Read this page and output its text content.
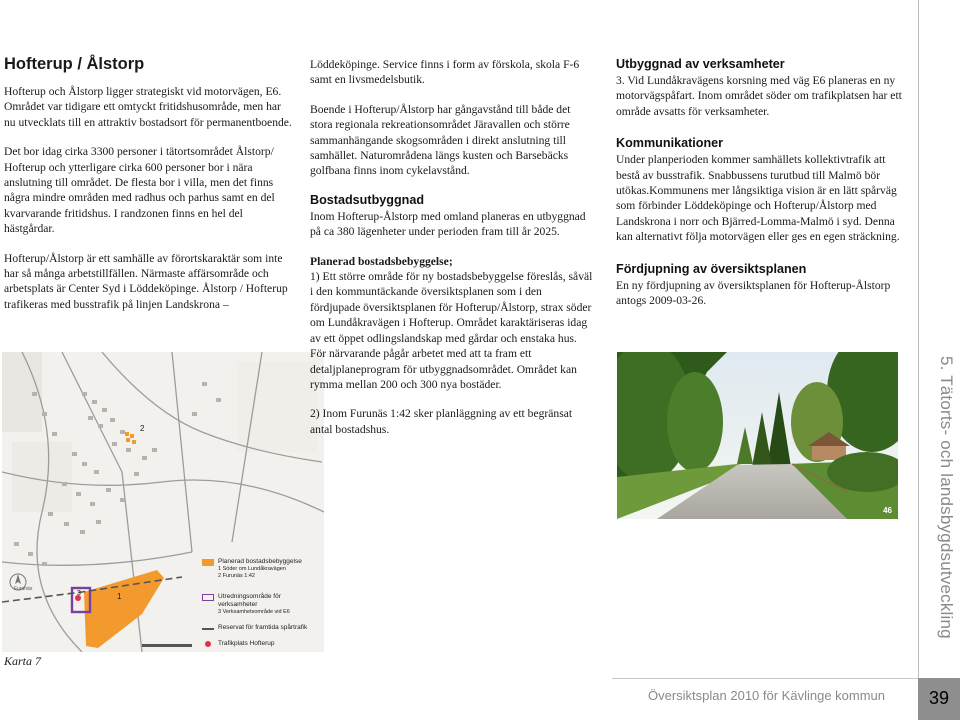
Hofterup / Ålstorp

Hofterup och Ålstorp ligger strategiskt vid motorvägen, E6. Området var tidigare ett omtyckt fritidshusområde, men har nu utvecklats till en attraktiv bostadsort för permanentboende.

Det bor idag cirka 3300 personer i tätortsområdet Ålstorp/ Hofterup och ytterligare cirka 600 personer bor i nära anslutning till området. De flesta bor i villa, men det finns några mindre områden med radhus och parhus samt en del kvarvarande fritidshus. I randzonen finns en hel del hästgårdar.

Hofterup/Ålstorp är ett samhälle av förortskaraktär som inte har så många arbetstillfällen. Närmaste affärsområde och arbetsplats är Center Syd i Löddeköpinge. Ålstorp / Hofterup trafikeras med busstrafik på linjen Landskrona –

2
1
3
Furunäs
Planerad bostadsbebyggelse
1 Söder om Lundåkravägen
2 Furunäs 1:42
Utredningsområde för verksamheter
3 Verksamhetsområde vid E6
Reservat för framtida spårtrafik
Trafikplats Hofterup
Karta 7

Löddeköpinge. Service finns i form av förskola, skola F-6 samt en livsmedelsbutik.

Boende i Hofterup/Ålstorp har gångavstånd till både det stora regionala rekreationsområdet Järavallen och större sammanhängande skogsområden i direkt anslutning till samhället. Naturområdena längs kusten och Barsebäcks golfbana finns inom cykelavstånd.

Bostadsutbyggnad

Inom Hofterup-Ålstorp med omland planeras en utbyggnad på ca 380 lägenheter under perioden fram till år 2025.

Planerad bostadsbebyggelse;

1) Ett större område för ny bostadsbebyggelse föreslås, såväl i den kommuntäckande översiktsplanen som i den fördjupade översiktsplanen för Hofterup/Ålstorp, strax söder om Lundåkravägen i Hofterup. Området karaktäriseras idag av ett öppet odlingslandskap med gårdar och enstaka hus. För närvarande pågår arbetet med att ta fram ett detaljplaneprogram för utbyggnadsområdet. Området kan rymma mellan 200 och 300 nya bostäder.

2) Inom Furunäs 1:42 sker planläggning av ett begränsat antal bostadshus.

Utbyggnad av verksamheter

3. Vid Lundåkravägens korsning med väg E6 planeras en ny motorvägspåfart. Inom området söder om trafikplatsen har ett område avsatts för verksamheter.

Kommunikationer

Under planperioden kommer samhällets kollektivtrafik att bestå av busstrafik. Snabbussens turutbud till Malmö bör utökas.Kommunens mer långsiktiga vision är en lätt spårväg som förbinder Löddeköpinge och Hofterup/Ålstorp med Landskrona i norr och Bjärred-Lomma-Malmö i syd. Denna kan alternativt följa motorvägen eller ges en egen sträckning.

Fördjupning av översiktsplanen

En ny fördjupning av översiktsplanen för Hofterup-Ålstorp antogs 2009-03-26.

46
Översiktsplan 2010 för Kävlinge kommun
5. Tätorts- och landsbygdsutveckling
39
